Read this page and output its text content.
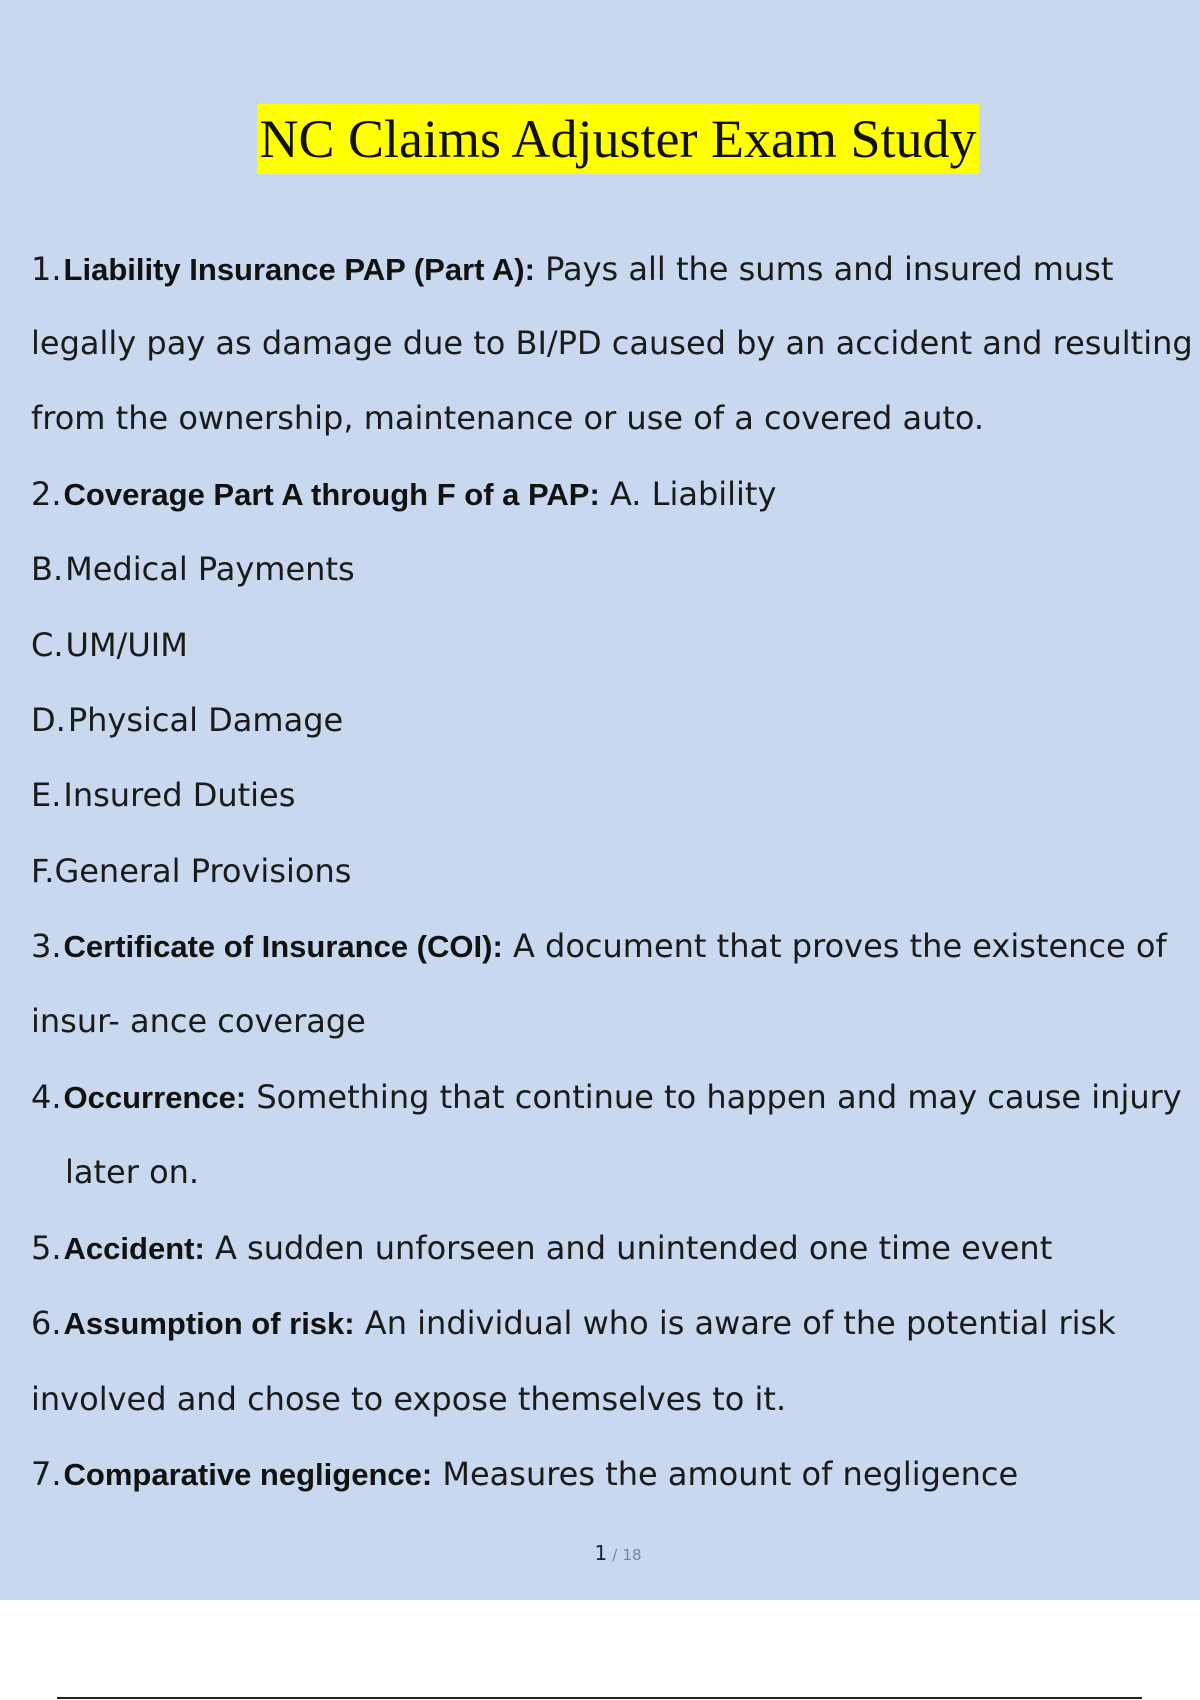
NC Claims Adjuster Exam Study
1.Liability Insurance PAP (Part A): Pays all the sums and insured must
legally pay as damage due to BI/PD caused by an accident and resulting
from the ownership, maintenance or use of a covered auto.
2.Coverage Part A through F of a PAP: A. Liability
B.Medical Payments
C.UM/UIM
D.Physical Damage
E.Insured Duties
F.General Provisions
3.Certificate of Insurance (COI): A document that proves the existence of
insur- ance coverage
4.Occurrence: Something that continue to happen and may cause injury
later on.
5.Accident: A sudden unforseen and unintended one time event
6.Assumption of risk: An individual who is aware of the potential risk
involved and chose to expose themselves to it.
7.Comparative negligence: Measures the amount of negligence
1 / 18
